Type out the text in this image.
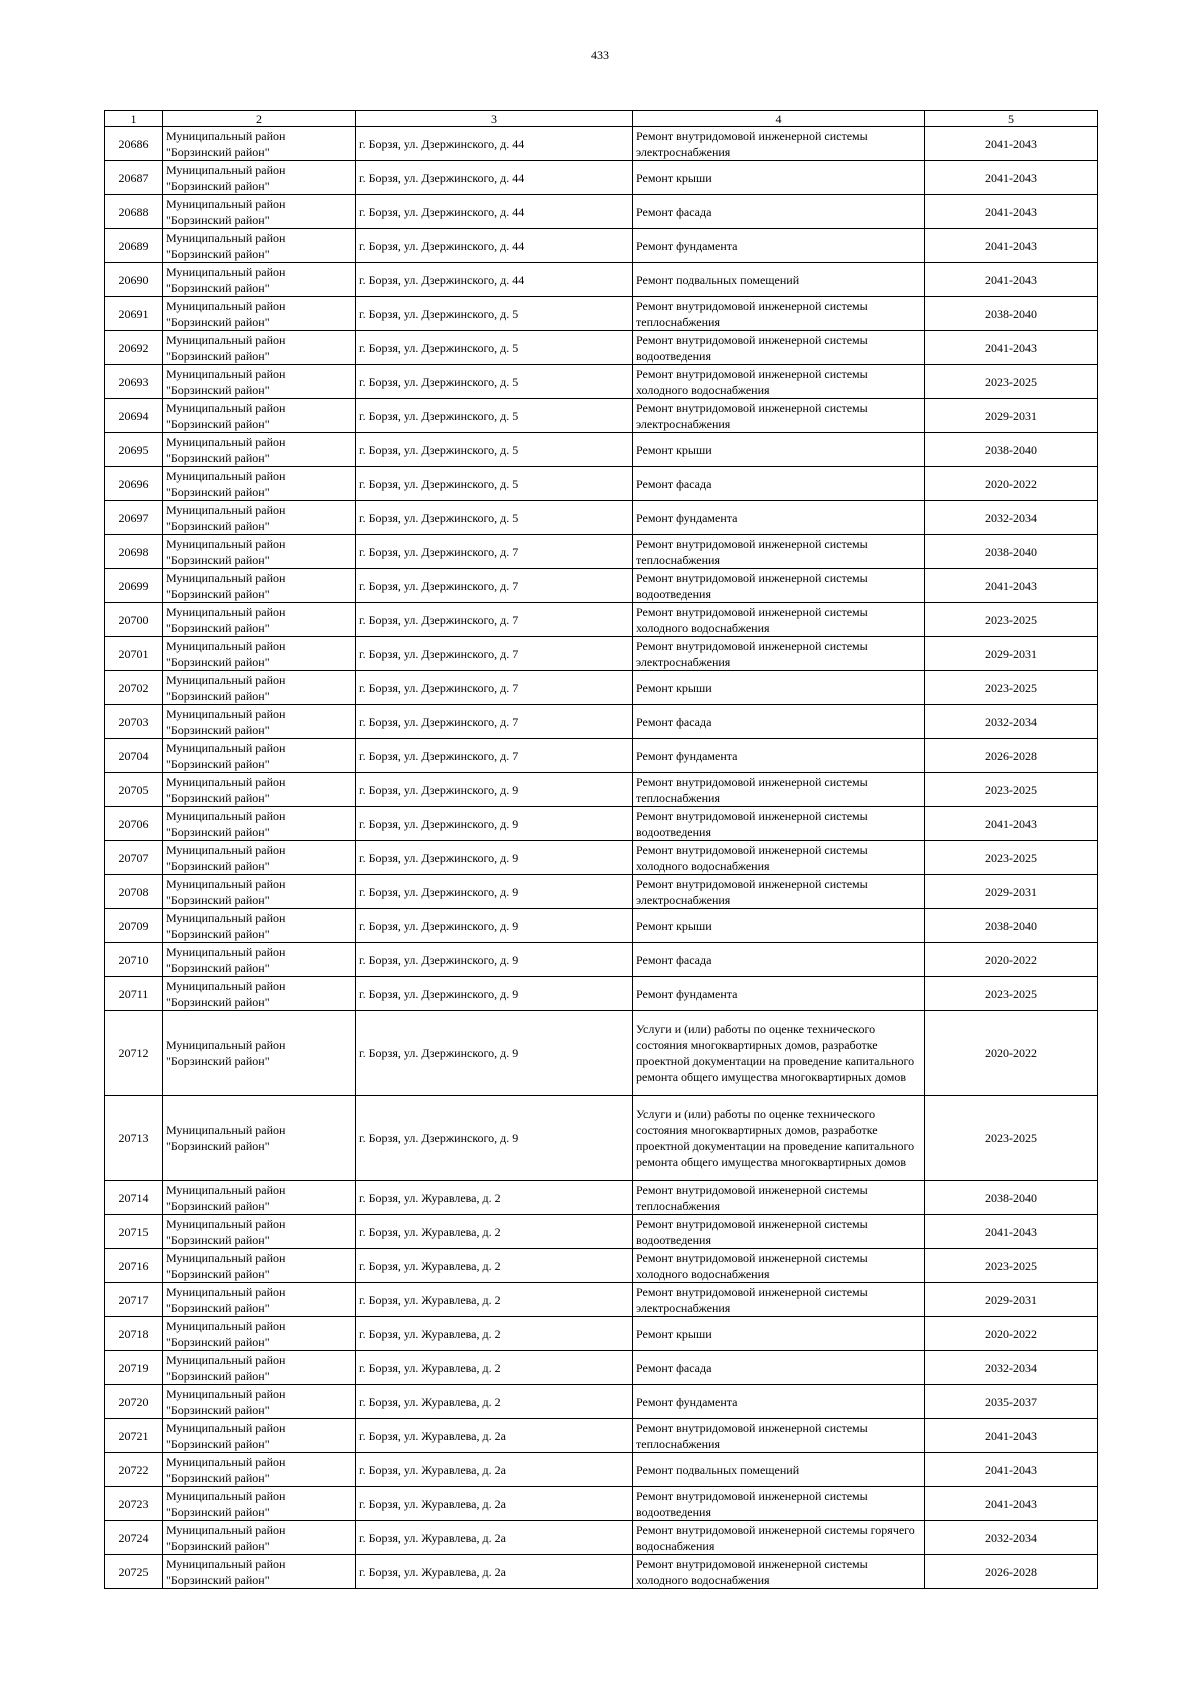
433
1	2	3	4	5
20686	Муниципальный район "Борзинский район"	г. Борзя, ул. Дзержинского, д. 44	Ремонт внутридомовой инженерной системы электроснабжения	2041-2043
20687	Муниципальный район "Борзинский район"	г. Борзя, ул. Дзержинского, д. 44	Ремонт крыши	2041-2043
20688	Муниципальный район "Борзинский район"	г. Борзя, ул. Дзержинского, д. 44	Ремонт фасада	2041-2043
20689	Муниципальный район "Борзинский район"	г. Борзя, ул. Дзержинского, д. 44	Ремонт фундамента	2041-2043
20690	Муниципальный район "Борзинский район"	г. Борзя, ул. Дзержинского, д. 44	Ремонт подвальных помещений	2041-2043
20691	Муниципальный район "Борзинский район"	г. Борзя, ул. Дзержинского, д. 5	Ремонт внутридомовой инженерной системы теплоснабжения	2038-2040
20692	Муниципальный район "Борзинский район"	г. Борзя, ул. Дзержинского, д. 5	Ремонт внутридомовой инженерной системы водоотведения	2041-2043
20693	Муниципальный район "Борзинский район"	г. Борзя, ул. Дзержинского, д. 5	Ремонт внутридомовой инженерной системы холодного водоснабжения	2023-2025
20694	Муниципальный район "Борзинский район"	г. Борзя, ул. Дзержинского, д. 5	Ремонт внутридомовой инженерной системы электроснабжения	2029-2031
20695	Муниципальный район "Борзинский район"	г. Борзя, ул. Дзержинского, д. 5	Ремонт крыши	2038-2040
20696	Муниципальный район "Борзинский район"	г. Борзя, ул. Дзержинского, д. 5	Ремонт фасада	2020-2022
20697	Муниципальный район "Борзинский район"	г. Борзя, ул. Дзержинского, д. 5	Ремонт фундамента	2032-2034
20698	Муниципальный район "Борзинский район"	г. Борзя, ул. Дзержинского, д. 7	Ремонт внутридомовой инженерной системы теплоснабжения	2038-2040
20699	Муниципальный район "Борзинский район"	г. Борзя, ул. Дзержинского, д. 7	Ремонт внутридомовой инженерной системы водоотведения	2041-2043
20700	Муниципальный район "Борзинский район"	г. Борзя, ул. Дзержинского, д. 7	Ремонт внутридомовой инженерной системы холодного водоснабжения	2023-2025
20701	Муниципальный район "Борзинский район"	г. Борзя, ул. Дзержинского, д. 7	Ремонт внутридомовой инженерной системы электроснабжения	2029-2031
20702	Муниципальный район "Борзинский район"	г. Борзя, ул. Дзержинского, д. 7	Ремонт крыши	2023-2025
20703	Муниципальный район "Борзинский район"	г. Борзя, ул. Дзержинского, д. 7	Ремонт фасада	2032-2034
20704	Муниципальный район "Борзинский район"	г. Борзя, ул. Дзержинского, д. 7	Ремонт фундамента	2026-2028
20705	Муниципальный район "Борзинский район"	г. Борзя, ул. Дзержинского, д. 9	Ремонт внутридомовой инженерной системы теплоснабжения	2023-2025
20706	Муниципальный район "Борзинский район"	г. Борзя, ул. Дзержинского, д. 9	Ремонт внутридомовой инженерной системы водоотведения	2041-2043
20707	Муниципальный район "Борзинский район"	г. Борзя, ул. Дзержинского, д. 9	Ремонт внутридомовой инженерной системы холодного водоснабжения	2023-2025
20708	Муниципальный район "Борзинский район"	г. Борзя, ул. Дзержинского, д. 9	Ремонт внутридомовой инженерной системы электроснабжения	2029-2031
20709	Муниципальный район "Борзинский район"	г. Борзя, ул. Дзержинского, д. 9	Ремонт крыши	2038-2040
20710	Муниципальный район "Борзинский район"	г. Борзя, ул. Дзержинского, д. 9	Ремонт фасада	2020-2022
20711	Муниципальный район "Борзинский район"	г. Борзя, ул. Дзержинского, д. 9	Ремонт фундамента	2023-2025
20712	Муниципальный район "Борзинский район"	г. Борзя, ул. Дзержинского, д. 9	Услуги и (или) работы по оценке технического состояния многоквартирных домов, разработке проектной документации на проведение капитального ремонта общего имущества многоквартирных домов	2020-2022
20713	Муниципальный район "Борзинский район"	г. Борзя, ул. Дзержинского, д. 9	Услуги и (или) работы по оценке технического состояния многоквартирных домов, разработке проектной документации на проведение капитального ремонта общего имущества многоквартирных домов	2023-2025
20714	Муниципальный район "Борзинский район"	г. Борзя, ул. Журавлева, д. 2	Ремонт внутридомовой инженерной системы теплоснабжения	2038-2040
20715	Муниципальный район "Борзинский район"	г. Борзя, ул. Журавлева, д. 2	Ремонт внутридомовой инженерной системы водоотведения	2041-2043
20716	Муниципальный район "Борзинский район"	г. Борзя, ул. Журавлева, д. 2	Ремонт внутридомовой инженерной системы холодного водоснабжения	2023-2025
20717	Муниципальный район "Борзинский район"	г. Борзя, ул. Журавлева, д. 2	Ремонт внутридомовой инженерной системы электроснабжения	2029-2031
20718	Муниципальный район "Борзинский район"	г. Борзя, ул. Журавлева, д. 2	Ремонт крыши	2020-2022
20719	Муниципальный район "Борзинский район"	г. Борзя, ул. Журавлева, д. 2	Ремонт фасада	2032-2034
20720	Муниципальный район "Борзинский район"	г. Борзя, ул. Журавлева, д. 2	Ремонт фундамента	2035-2037
20721	Муниципальный район "Борзинский район"	г. Борзя, ул. Журавлева, д. 2а	Ремонт внутридомовой инженерной системы теплоснабжения	2041-2043
20722	Муниципальный район "Борзинский район"	г. Борзя, ул. Журавлева, д. 2а	Ремонт подвальных помещений	2041-2043
20723	Муниципальный район "Борзинский район"	г. Борзя, ул. Журавлева, д. 2а	Ремонт внутридомовой инженерной системы водоотведения	2041-2043
20724	Муниципальный район "Борзинский район"	г. Борзя, ул. Журавлева, д. 2а	Ремонт внутридомовой инженерной системы горячего водоснабжения	2032-2034
20725	Муниципальный район "Борзинский район"	г. Борзя, ул. Журавлева, д. 2а	Ремонт внутридомовой инженерной системы холодного водоснабжения	2026-2028
